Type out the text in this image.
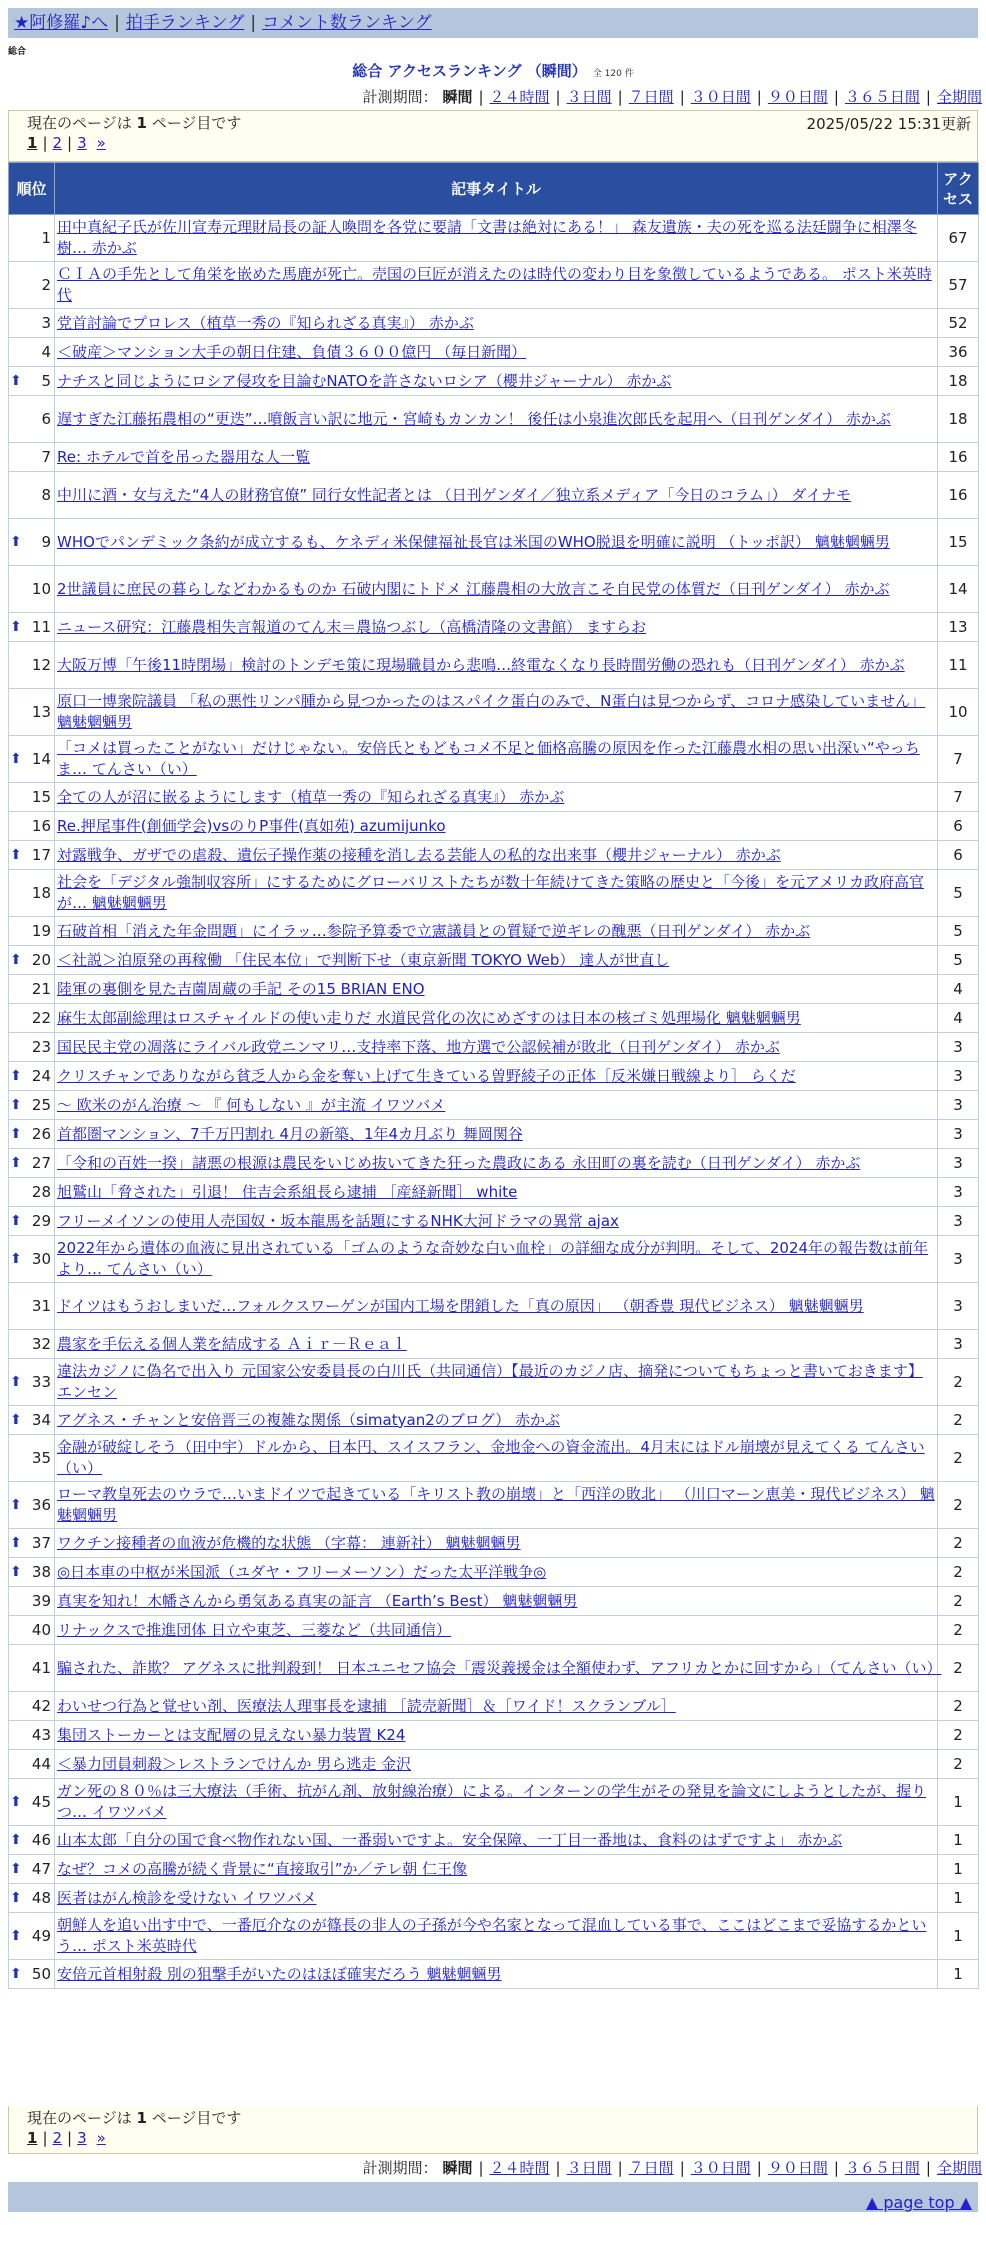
★阿修羅♪へ | 拍手ランキング | コメント数ランキング
総合
総合 アクセスランキング （瞬間） 全 120 件
計測期間： 瞬間 | ２４時間 | ３日間 | ７日間 | ３０日間 | ９０日間 | ３６５日間 | 全期間
現在のページは 1 ページ目です	2025/05/22 15:31更新
1 | 2 | 3 »
順位	記事タイトル	アクセス
1	田中真紀子氏が佐川宣寿元理財局長の証人喚問を各党に要請「文書は絶対にある！」 森友遺族・夫の死を巡る法廷闘争に相澤冬樹… 赤かぶ	67
2	ＣＩＡの手先として角栄を嵌めた馬鹿が死亡。売国の巨匠が消えたのは時代の変わり目を象徴しているようである。 ポスト米英時代	57
3	党首討論でプロレス（植草一秀の『知られざる真実』） 赤かぶ	52
4	＜破産＞マンション大手の朝日住建、負債３６００億円 （毎日新聞）	36

⬆ 5	ナチスと同じようにロシア侵攻を目論むNATOを許さないロシア（櫻井ジャーナル） 赤かぶ	18
6	遅すぎた江藤拓農相の“更迭”…噴飯言い訳に地元・宮崎もカンカン！ 後任は小泉進次郎氏を起用へ（日刊ゲンダイ） 赤かぶ	18
7	Re: ホテルで首を吊った器用な人一覧	16
8	中川に酒・女与えた“4人の財務官僚” 同行女性記者とは （日刊ゲンダイ／独立系メディア「今日のコラム」） ダイナモ	16

⬆ 9	WHOでパンデミック条約が成立するも、ケネディ米保健福祉長官は米国のWHO脱退を明確に説明 （トッポ訳） 魑魅魍魎男	15
10	2世議員に庶民の暮らしなどわかるものか 石破内閣にトドメ 江藤農相の大放言こそ自民党の体質だ（日刊ゲンダイ） 赤かぶ	14

⬆ 11	ニュース研究：江藤農相失言報道のてん末＝農協つぶし（高橋清隆の文書館） ますらお	13
12	大阪万博「午後11時閉場」検討のトンデモ策に現場職員から悲鳴…終電なくなり長時間労働の恐れも（日刊ゲンダイ） 赤かぶ	11
13	原口一博衆院議員 「私の悪性リンパ腫から見つかったのはスパイク蛋白のみで、N蛋白は見つからず、コロナ感染していません」 魑魅魍魎男	10

⬆ 14	「コメは買ったことがない」だけじゃない。安倍氏ともどもコメ不足と価格高騰の原因を作った江藤農水相の思い出深い“やっちま… てんさい（い）	7
15	全ての人が沼に嵌るようにします（植草一秀の『知られざる真実』） 赤かぶ	7
16	Re.押尾事件(創価学会)vsのりP事件(真如苑) azumijunko	6

⬆ 17	対露戦争、ガザでの虐殺、遺伝子操作薬の接種を消し去る芸能人の私的な出来事（櫻井ジャーナル） 赤かぶ	6
18	社会を「デジタル強制収容所」にするためにグローバリストたちが数十年続けてきた策略の歴史と「今後」を元アメリカ政府高官が… 魑魅魍魎男	5
19	石破首相「消えた年金問題」にイラッ…参院予算委で立憲議員との質疑で逆ギレの醜悪（日刊ゲンダイ） 赤かぶ	5

⬆ 20	＜社説＞泊原発の再稼働 「住民本位」で判断下せ（東京新聞 TOKYO Web） 達人が世直し	5
21	陸軍の裏側を見た吉薗周蔵の手記 その15 BRIAN ENO	4
22	麻生太郎副総理はロスチャイルドの使い走りだ 水道民営化の次にめざすのは日本の核ゴミ処理場化 魑魅魍魎男	4
23	国民民主党の凋落にライバル政党ニンマリ…支持率下落、地方選で公認候補が敗北（日刊ゲンダイ） 赤かぶ	3

⬆ 24	クリスチャンでありながら貧乏人から金を奪い上げて生きている曽野綾子の正体［反米嫌日戦線より］ らくだ	3

⬆ 25	～ 欧米のがん治療 ～ 『 何もしない 』が主流 イワツバメ	3

⬆ 26	首都圏マンション、7千万円割れ 4月の新築、1年4カ月ぶり 舞岡関谷	3

⬆ 27	「令和の百姓一揆」諸悪の根源は農民をいじめ抜いてきた狂った農政にある 永田町の裏を読む（日刊ゲンダイ） 赤かぶ	3
28	旭鷲山「脅された」引退！ 住吉会系組長ら逮捕 ［産経新聞］ white	3

⬆ 29	フリーメイソンの使用人売国奴・坂本龍馬を話題にするNHK大河ドラマの異常 ajax	3

⬆ 30	2022年から遺体の血液に見出されている「ゴムのような奇妙な白い血栓」の詳細な成分が判明。そして、2024年の報告数は前年より… てんさい（い）	3
31	ドイツはもうおしまいだ…フォルクスワーゲンが国内工場を閉鎖した「真の原因」 （朝香豊 現代ビジネス） 魑魅魍魎男	3
32	農家を手伝える個人業を結成する Ａｉｒ－Ｒｅａｌ	3

⬆ 33	違法カジノに偽名で出入り 元国家公安委員長の白川氏（共同通信）【最近のカジノ店、摘発についてもちょっと書いておきます】 エンセン	2

⬆ 34	アグネス・チャンと安倍晋三の複雑な関係（simatyan2のブログ） 赤かぶ	2
35	金融が破綻しそう（田中宇）ドルから、日本円、スイスフラン、金地金への資金流出。4月末にはドル崩壊が見えてくる てんさい（い）	2

⬆ 36	ローマ教皇死去のウラで…いまドイツで起きている「キリスト教の崩壊」と「西洋の敗北」 （川口マーン恵美・現代ビジネス） 魑魅魍魎男	2

⬆ 37	ワクチン接種者の血液が危機的な状態 （字幕： 連新社） 魑魅魍魎男	2

⬆ 38	◎日本車の中枢が米国派（ユダヤ・フリーメーソン）だった太平洋戦争◎	2
39	真実を知れ！木幡さんから勇気ある真実の証言 （Earth’s Best） 魑魅魍魎男	2
40	リナックスで推進団体 日立や東芝、三菱など（共同通信）	2
41	騙された、詐欺？ アグネスに批判殺到！ 日本ユニセフ協会「震災義援金は全額使わず、アフリカとかに回すから」（てんさい（い）	2
42	わいせつ行為と覚せい剤、医療法人理事長を逮捕 ［読売新聞］＆［ワイド！スクランブル］	2
43	集団ストーカーとは支配層の見えない暴力装置 K24	2
44	＜暴力団員刺殺＞レストランでけんか 男ら逃走 金沢	2

⬆ 45	ガン死の８０％は三大療法（手術、抗がん剤、放射線治療）による。インターンの学生がその発見を論文にしようとしたが、握りつ… イワツバメ	1

⬆ 46	山本太郎「自分の国で食べ物作れない国、一番弱いですよ。安全保障、一丁目一番地は、食料のはずですよ」 赤かぶ	1

⬆ 47	なぜ？コメの高騰が続く背景に“直接取引”か／テレ朝 仁王像	1

⬆ 48	医者はがん検診を受けない イワツバメ	1

⬆ 49	朝鮮人を追い出す中で、一番厄介なのが篠長の非人の子孫が今や名家となって混血している事で、ここはどこまで妥協するかという… ポスト米英時代	1

⬆ 50	安倍元首相射殺 別の狙撃手がいたのはほぼ確実だろう 魑魅魍魎男	1
現在のページは 1 ページ目です
1 | 2 | 3 »
計測期間： 瞬間 | ２４時間 | ３日間 | ７日間 | ３０日間 | ９０日間 | ３６５日間 | 全期間
▲ page top ▲
